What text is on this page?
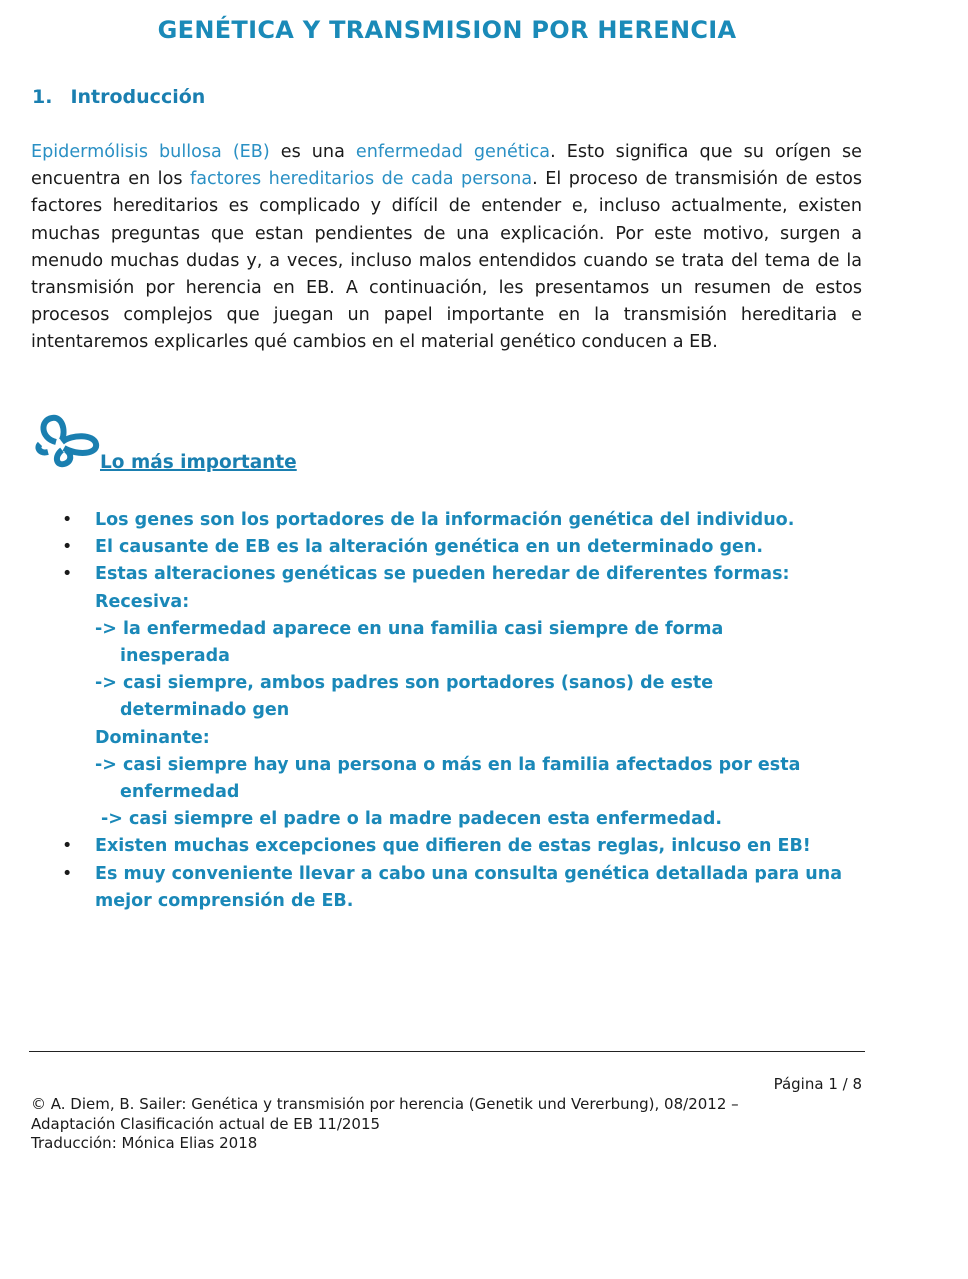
GENÉTICA Y TRANSMISION POR HERENCIA
1. Introducción

Epidermólisis bullosa (EB) es una enfermedad genética. Esto significa que su orígen se encuentra en los factores hereditarios de cada persona. El proceso de transmisión de estos factores hereditarios es complicado y difícil de entender e, incluso actualmente, existen muchas preguntas que estan pendientes de una explicación. Por este motivo, surgen a menudo muchas dudas y, a veces, incluso malos entendidos cuando se trata del tema de la transmisión por herencia en EB. A continuación, les presentamos un resumen de estos procesos complejos que juegan un papel importante en la transmisión hereditaria e intentaremos explicarles qué cambios en el material genético conducen a EB.

Lo más importante
• Los genes son los portadores de la información genética del individuo.
• El causante de EB es la alteración genética en un determinado gen.
• Estas alteraciones genéticas se pueden heredar de diferentes formas:
Recesiva:
-> la enfermedad aparece en una familia casi siempre de forma
inesperada
-> casi siempre, ambos padres son portadores (sanos) de este
determinado gen
Dominante:
-> casi siempre hay una persona o más en la familia afectados por esta
enfermedad
-> casi siempre el padre o la madre padecen esta enfermedad.
• Existen muchas excepciones que difieren de estas reglas, inlcuso en EB!
• Es muy conveniente llevar a cabo una consulta genética detallada para una mejor comprensión de EB.
Página 1 / 8
© A. Diem, B. Sailer: Genética y transmisión por herencia (Genetik und Vererbung), 08/2012 –
Adaptación Clasificación actual de EB 11/2015
Traducción: Mónica Elias 2018
